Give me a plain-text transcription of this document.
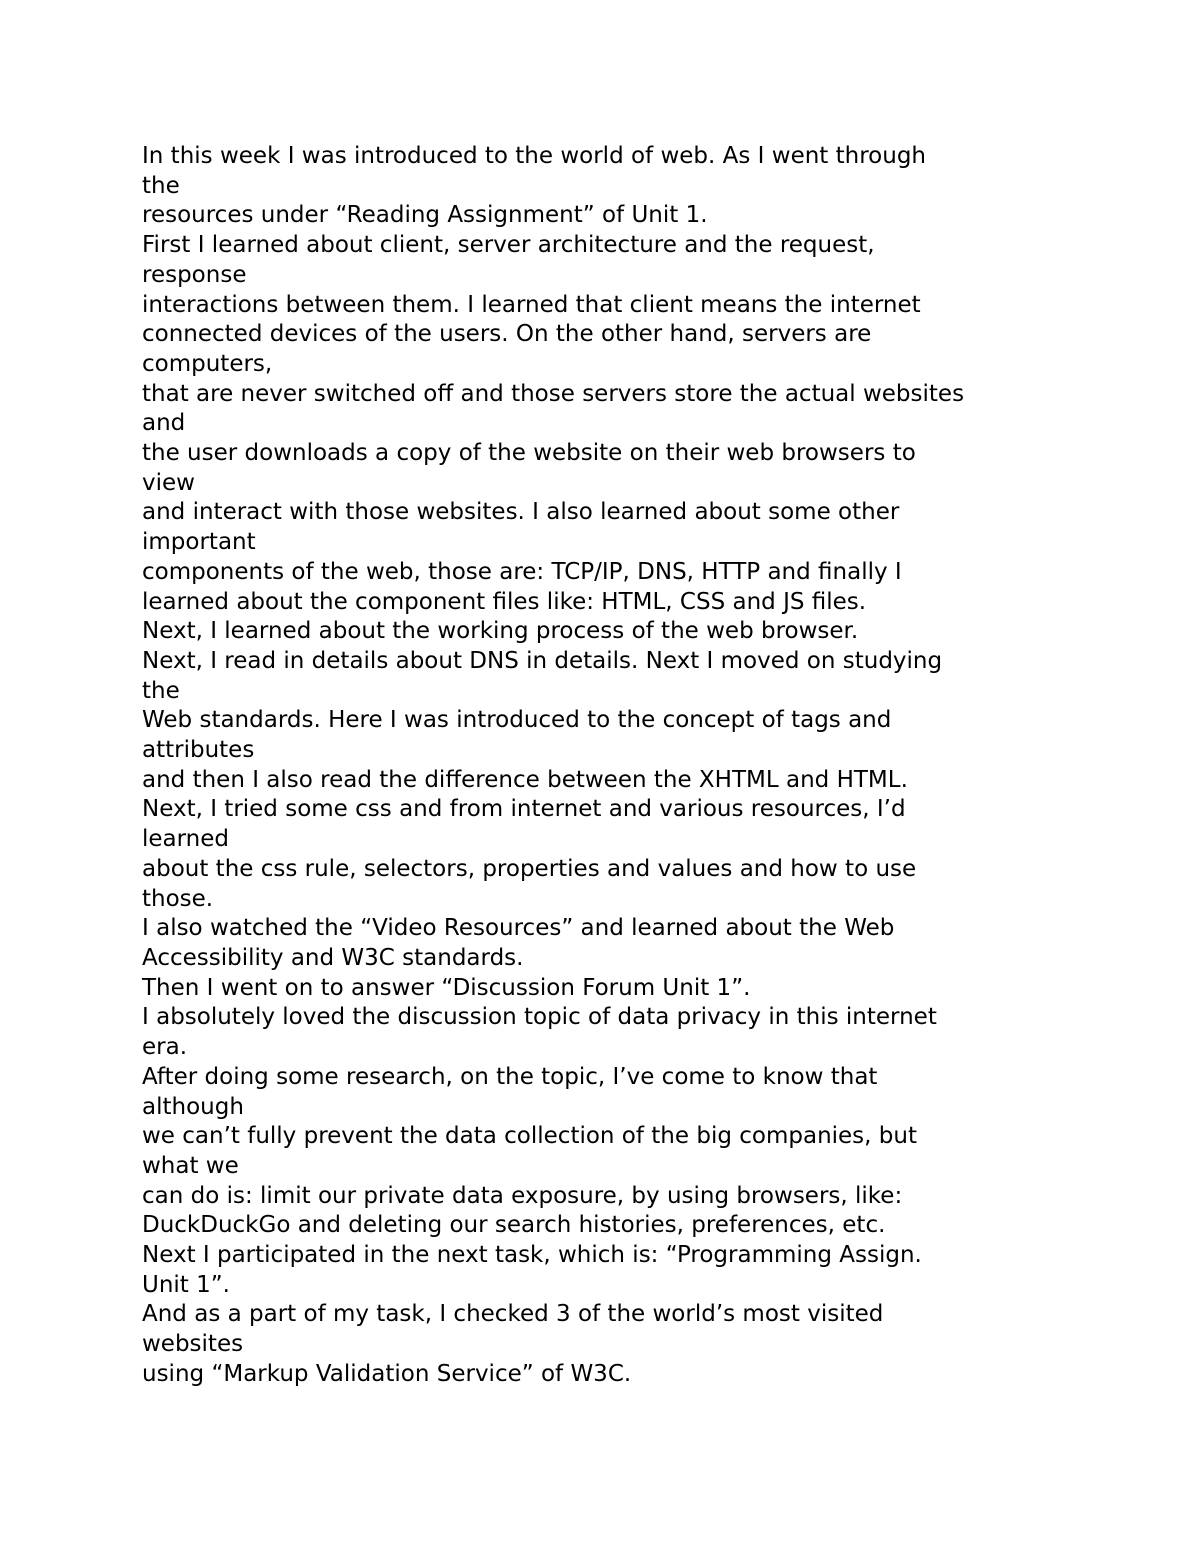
In this week I was introduced to the world of web. As I went through
the
resources under “Reading Assignment” of Unit 1.
First I learned about client, server architecture and the request,
response
interactions between them. I learned that client means the internet
connected devices of the users. On the other hand, servers are
computers,
that are never switched off and those servers store the actual websites
and
the user downloads a copy of the website on their web browsers to
view
and interact with those websites. I also learned about some other
important
components of the web, those are: TCP/IP, DNS, HTTP and finally I
learned about the component files like: HTML, CSS and JS files.
Next, I learned about the working process of the web browser.
Next, I read in details about DNS in details. Next I moved on studying
the
Web standards. Here I was introduced to the concept of tags and
attributes
and then I also read the difference between the XHTML and HTML.
Next, I tried some css and from internet and various resources, I’d
learned
about the css rule, selectors, properties and values and how to use
those.
I also watched the “Video Resources” and learned about the Web
Accessibility and W3C standards.
Then I went on to answer “Discussion Forum Unit 1”.
I absolutely loved the discussion topic of data privacy in this internet
era.
After doing some research, on the topic, I’ve come to know that
although
we can’t fully prevent the data collection of the big companies, but
what we
can do is: limit our private data exposure, by using browsers, like:
DuckDuckGo and deleting our search histories, preferences, etc.
Next I participated in the next task, which is: “Programming Assign.
Unit 1”.
And as a part of my task, I checked 3 of the world’s most visited
websites
using “Markup Validation Service” of W3C.
